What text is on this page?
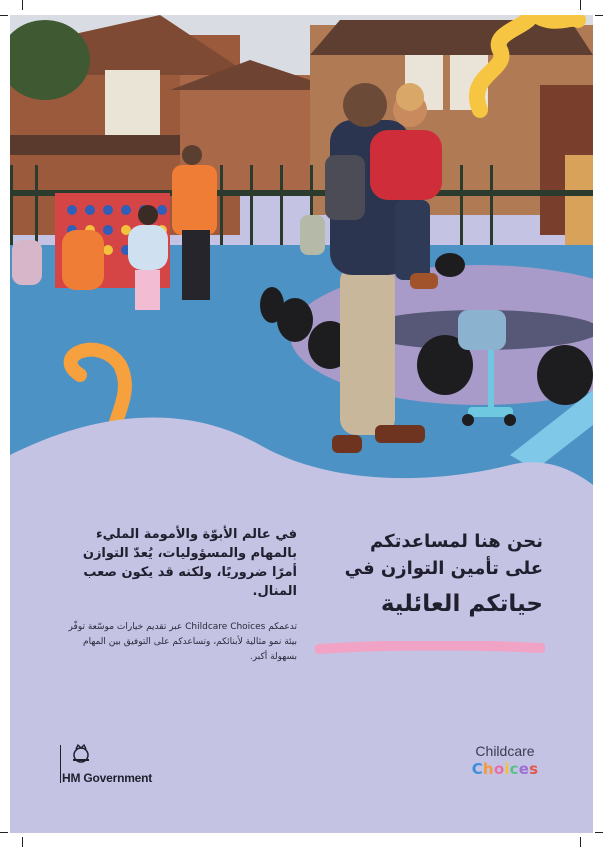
نحن هنا لمساعدتكم
على تأمين التوازن في
حياتكم العائلية
في عالم الأبوّة والأمومة المليء بالمهام والمسؤوليات، يُعدّ التوازن أمرًا ضروريًا، ولكنه قد يكون صعب المنال.
تدعمكم Childcare Choices عبر تقديم خيارات موسّعة توفّر بيئة نمو مثالية لأبنائكم، وتساعدكم على التوفيق بين المهام بسهولة أكبر.
HM Government
Childcare
Choices
